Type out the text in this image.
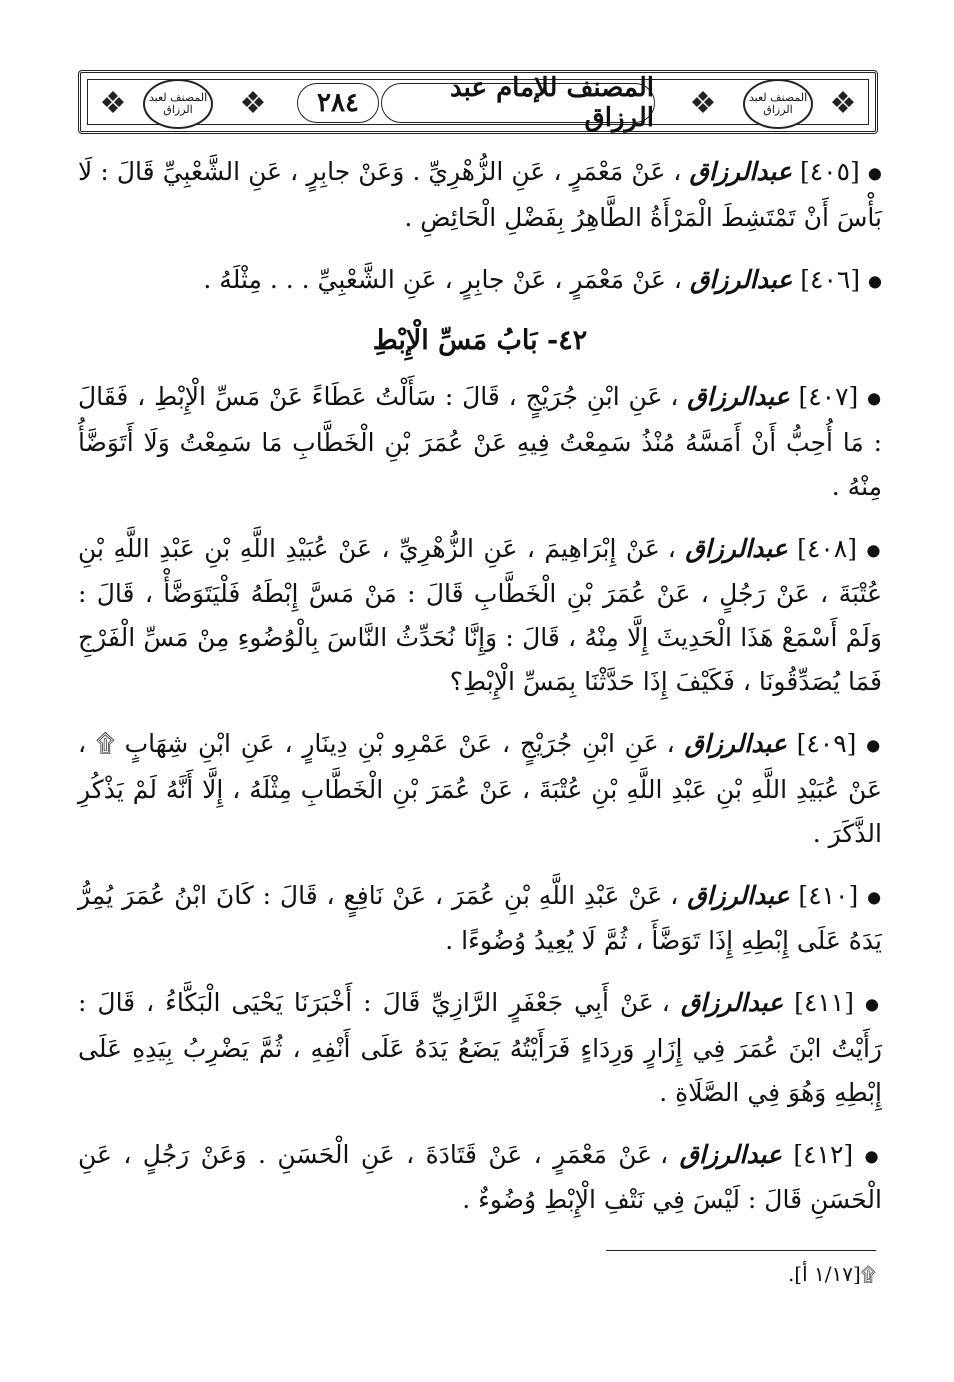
❖
المصنف لعبد الرزاق
المصنف للإمام عبد الرزاق	❖
٢٨٤
❖
المصنف لعبد الرزاق
❖

● [٤٠٥] عبدالرزاق ، عَنْ مَعْمَرٍ ، عَنِ الزُّهْرِيِّ . وَعَنْ جابِرٍ ، عَنِ الشَّعْبِيِّ قَالَ : لَا بَأْسَ أَنْ تَمْتَشِطَ الْمَرْأَةُ الطَّاهِرُ بِفَضْلِ الْحَائِضِ .

● [٤٠٦] عبدالرزاق ، عَنْ مَعْمَرٍ ، عَنْ جابِرٍ ، عَنِ الشَّعْبِيِّ . . . مِثْلَهُ .

٤٢- بَابُ مَسِّ الْإِبْطِ

● [٤٠٧] عبدالرزاق ، عَنِ ابْنِ جُرَيْجٍ ، قَالَ : سَأَلْتُ عَطَاءً عَنْ مَسِّ الْإِبْطِ ، فَقَالَ : مَا أُحِبُّ أَنْ أَمَسَّهُ مُنْذُ سَمِعْتُ فِيهِ عَنْ عُمَرَ بْنِ الْخَطَّابِ مَا سَمِعْتُ وَلَا أَتَوَضَّأُ مِنْهُ .

● [٤٠٨] عبدالرزاق ، عَنْ إِبْرَاهِيمَ ، عَنِ الزُّهْرِيِّ ، عَنْ عُبَيْدِ اللَّهِ بْنِ عَبْدِ اللَّهِ بْنِ عُتْبَةَ ، عَنْ رَجُلٍ ، عَنْ عُمَرَ بْنِ الْخَطَّابِ قَالَ : مَنْ مَسَّ إِبْطَهُ فَلْيَتَوَضَّأْ ، قَالَ : وَلَمْ أَسْمَعْ هَذَا الْحَدِيثَ إِلَّا مِنْهُ ، قَالَ : وَإِنَّا نُحَدِّثُ النَّاسَ بِالْوُضُوءِ مِنْ مَسِّ الْفَرْجِ فَمَا يُصَدِّقُونَا ، فَكَيْفَ إِذَا حَدَّثْنَا بِمَسِّ الْإِبْطِ؟

● [٤٠٩] عبدالرزاق ، عَنِ ابْنِ جُرَيْجٍ ، عَنْ عَمْرِو بْنِ دِينَارٍ ، عَنِ ابْنِ شِهَابٍ ۩ ، عَنْ عُبَيْدِ اللَّهِ بْنِ عَبْدِ اللَّهِ بْنِ عُتْبَةَ ، عَنْ عُمَرَ بْنِ الْخَطَّابِ مِثْلَهُ ، إِلَّا أَنَّهُ لَمْ يَذْكُرِ الذَّكَرَ .

● [٤١٠] عبدالرزاق ، عَنْ عَبْدِ اللَّهِ بْنِ عُمَرَ ، عَنْ نَافِعٍ ، قَالَ : كَانَ ابْنُ عُمَرَ يُمِرُّ يَدَهُ عَلَى إِبْطِهِ إِذَا تَوَضَّأَ ، ثُمَّ لَا يُعِيدُ وُضُوءًا .

● [٤١١] عبدالرزاق ، عَنْ أَبِي جَعْفَرٍ الرَّازِيِّ قَالَ : أَخْبَرَنَا يَحْيَى الْبَكَّاءُ ، قَالَ : رَأَيْتُ ابْنَ عُمَرَ فِي إِزَارٍ وَرِدَاءٍ فَرَأَيْتُهُ يَضَعُ يَدَهُ عَلَى أَنْفِهِ ، ثُمَّ يَضْرِبُ بِيَدِهِ عَلَى إِبْطِهِ وَهُوَ فِي الصَّلَاةِ .

● [٤١٢] عبدالرزاق ، عَنْ مَعْمَرٍ ، عَنْ قَتَادَةَ ، عَنِ الْحَسَنِ . وَعَنْ رَجُلٍ ، عَنِ الْحَسَنِ قَالَ : لَيْسَ فِي نَتْفِ الْإِبْطِ وُضُوءٌ .

۩[١/١٧ أ].
